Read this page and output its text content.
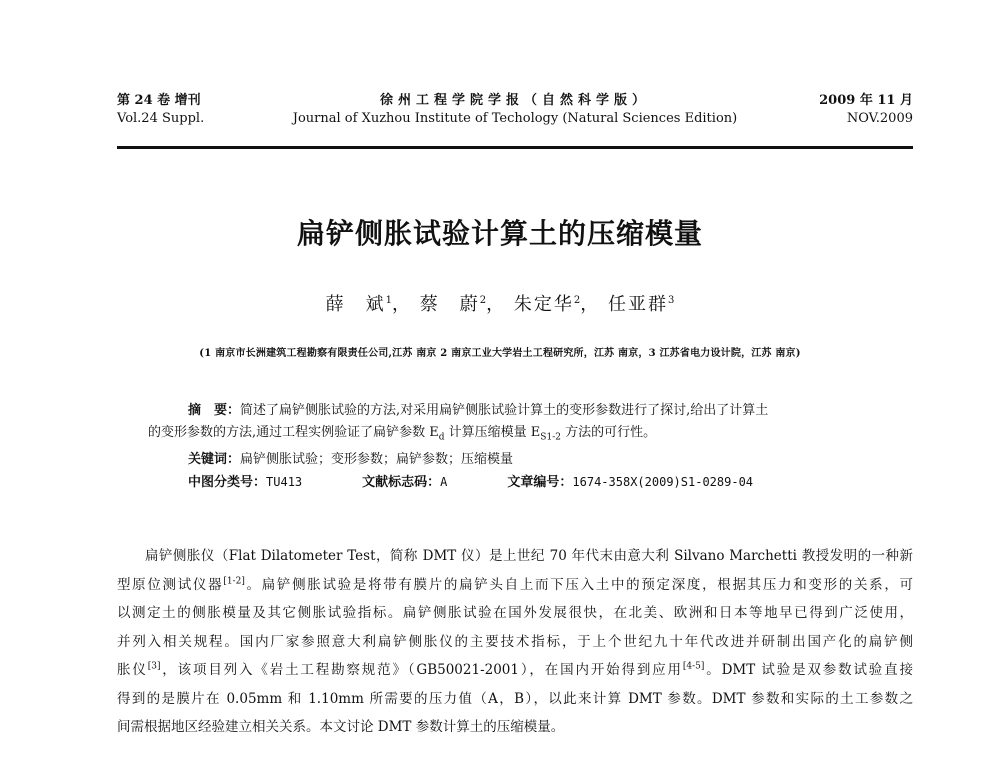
第 24 卷 增刊
Vol.24 Suppl.
徐州工程学院学报（自然科学版）
Journal of Xuzhou Institute of Techology (Natural Sciences Edition)
2009 年 11 月
NOV.2009
扁铲侧胀试验计算土的压缩模量
薛　斌$^1$， 蔡　蔚$^2$， 朱定华$^2$， 任亚群$^3$
(1 南京市长洲建筑工程勘察有限责任公司,江苏 南京 2 南京工业大学岩土工程研究所，江苏 南京，3 江苏省电力设计院，江苏 南京)
摘　要：简述了扁铲侧胀试验的方法,对采用扁铲侧胀试验计算土的变形参数进行了探讨,给出了计算土
的变形参数的方法,通过工程实例验证了扁铲参数 $E_d$ 计算压缩模量 $E_{S1-2}$ 方法的可行性。
关键词：扁铲侧胀试验；变形参数；扁铲参数；压缩模量
中图分类号：TU413	文献标志码：A	文章编号：1674-358X(2009)S1-0289-04
扁铲侧胀仪（Flat Dilatometer Test，简称 DMT 仪）是上世纪 70 年代末由意大利 Silvano Marchetti 教授发明的一种新
型原位测试仪器[1-2]。扁铲侧胀试验是将带有膜片的扁铲头自上而下压入土中的预定深度，根据其压力和变形的关系，可
以测定土的侧胀模量及其它侧胀试验指标。扁铲侧胀试验在国外发展很快，在北美、欧洲和日本等地早已得到广泛使用，
并列入相关规程。国内厂家参照意大利扁铲侧胀仪的主要技术指标，于上个世纪九十年代改进并研制出国产化的扁铲侧
胀仪[3]，该项目列入《岩土工程勘察规范》（GB50021-2001），在国内开始得到应用[4-5]。DMT 试验是双参数试验直接
得到的是膜片在 0.05mm 和 1.10mm 所需要的压力值（A，B），以此来计算 DMT 参数。DMT 参数和实际的土工参数之
间需根据地区经验建立相关关系。本文讨论 DMT 参数计算土的压缩模量。
